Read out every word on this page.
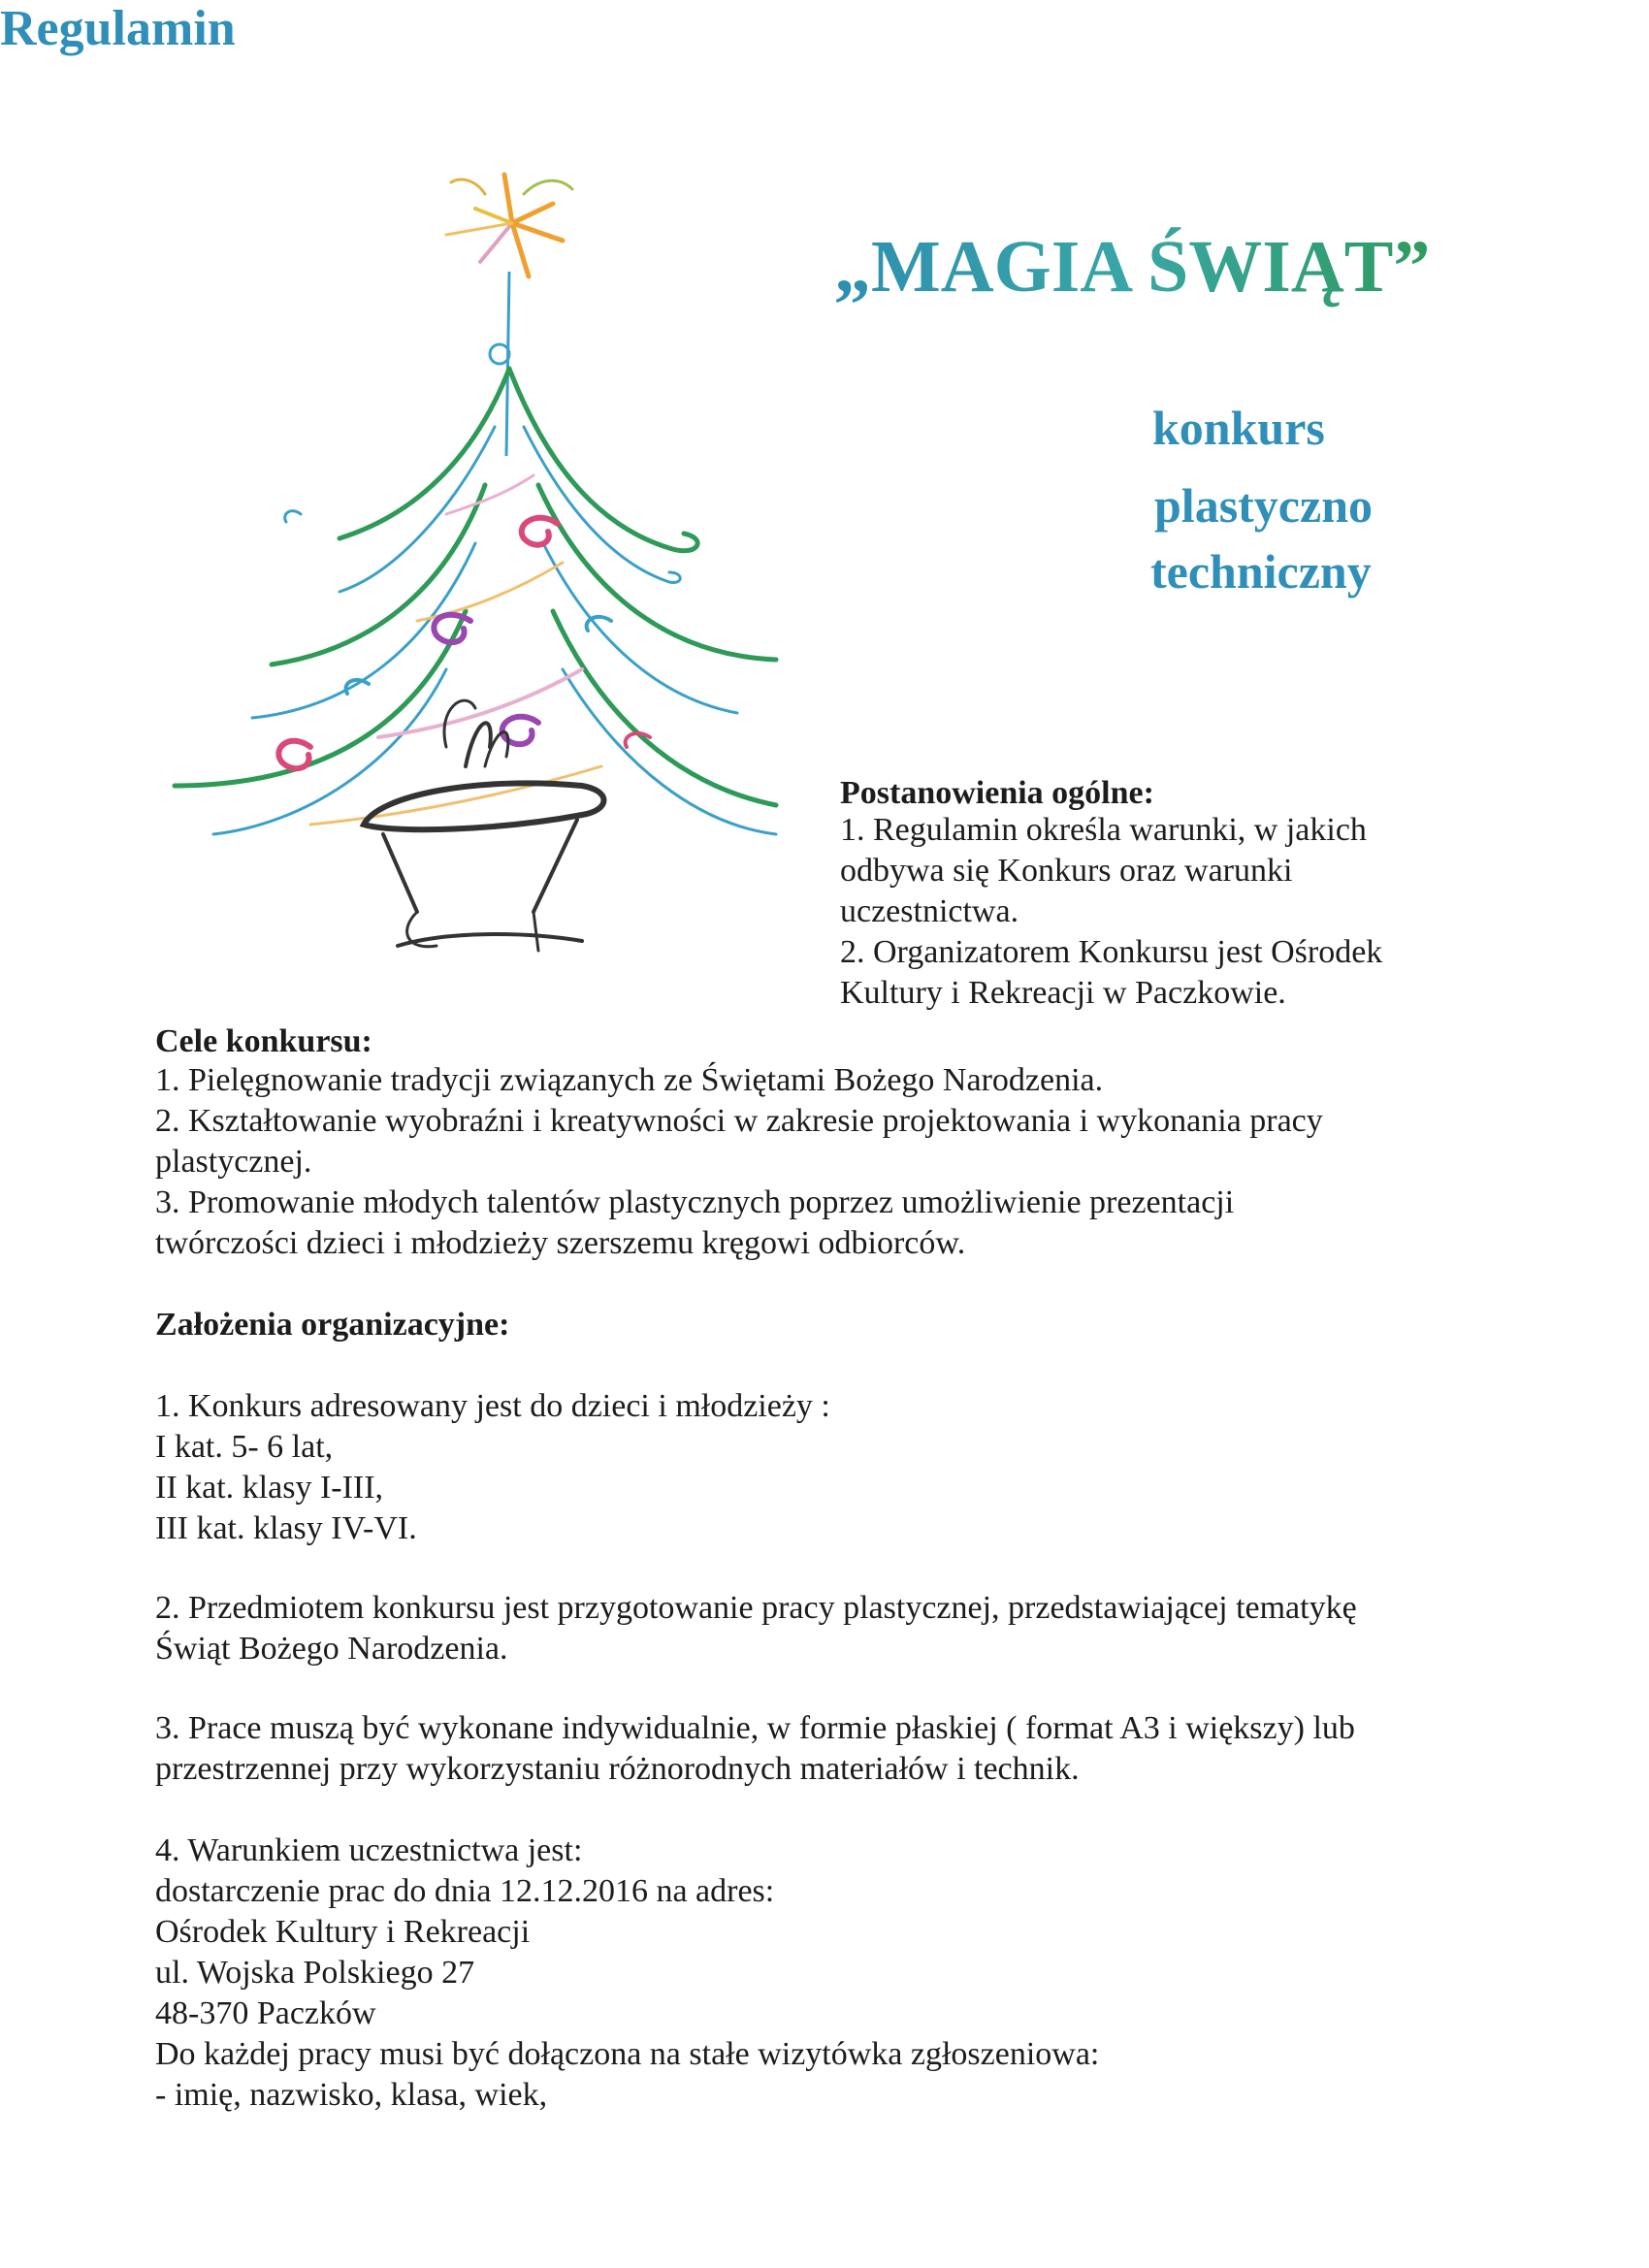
„MAGIA ŚWIĄT”
konkurs
plastyczno
techniczny
Regulamin
Postanowienia ogólne:
1. Regulamin określa warunki, w jakich
odbywa się Konkurs oraz warunki
uczestnictwa.
2. Organizatorem Konkursu jest Ośrodek
Kultury i Rekreacji w Paczkowie.
Cele konkursu:
1. Pielęgnowanie tradycji związanych ze Świętami Bożego Narodzenia.
2. Kształtowanie wyobraźni i kreatywności w zakresie projektowania i wykonania pracy
plastycznej.
3. Promowanie młodych talentów plastycznych poprzez umożliwienie prezentacji
twórczości dzieci i młodzieży szerszemu kręgowi odbiorców.
Założenia organizacyjne:
1. Konkurs adresowany jest do dzieci i młodzieży :
I kat. 5- 6 lat,
II kat. klasy I-III,
III kat. klasy IV-VI.
2. Przedmiotem konkursu jest przygotowanie pracy plastycznej, przedstawiającej tematykę
Świąt Bożego Narodzenia.
3. Prace muszą być wykonane indywidualnie, w formie płaskiej ( format A3 i większy) lub
przestrzennej przy wykorzystaniu różnorodnych materiałów i technik.
4. Warunkiem uczestnictwa jest:
dostarczenie prac do dnia 12.12.2016 na adres:
Ośrodek Kultury i Rekreacji
ul. Wojska Polskiego 27
48-370 Paczków
Do każdej pracy musi być dołączona na stałe wizytówka zgłoszeniowa:
- imię, nazwisko, klasa, wiek,
